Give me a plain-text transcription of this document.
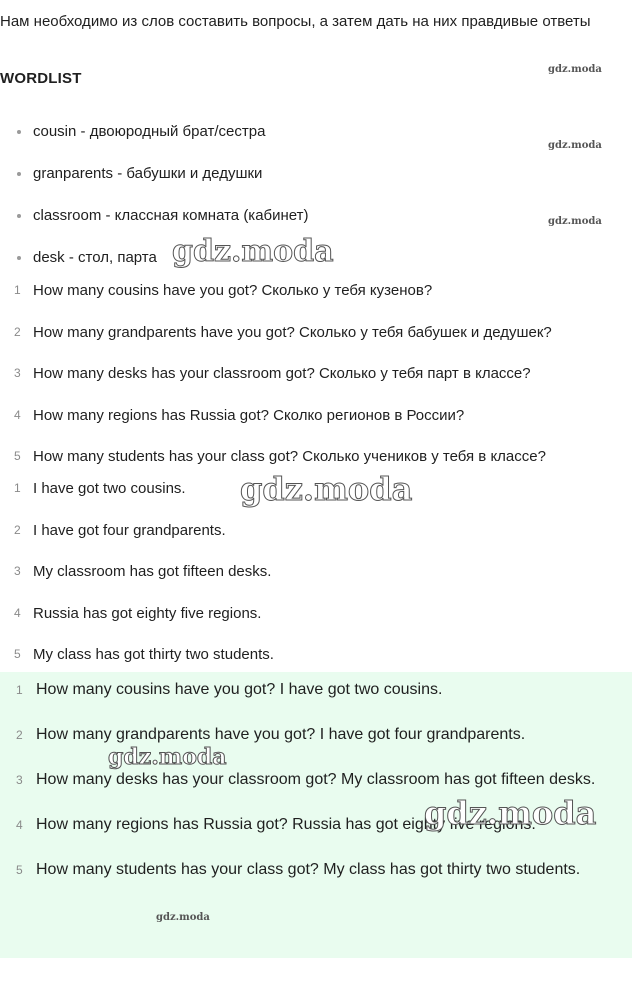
Нам необходимо из слов составить вопросы, а затем дать на них правдивые ответы

WORDLIST

cousin - двоюродный брат/сестра
granparents - бабушки и дедушки
classroom - классная комната (кабинет)
desk - стол, парта
1 How many cousins have you got? Сколько у тебя кузенов?
2 How many grandparents have you got? Сколько у тебя бабушек и дедушек?
3 How many desks has your classroom got? Сколько у тебя парт в классе?
4 How many regions has Russia got? Сколко регионов в России?
5 How many students has your class got? Сколько учеников у тебя в классе?
1 I have got two cousins.
2 I have got four grandparents.
3 My classroom has got fifteen desks.
4 Russia has got eighty five regions.
5 My class has got thirty two students.
1 How many cousins have you got? I have got two cousins.
2 How many grandparents have you got? I have got four grandparents.
3 How many desks has your classroom got? My classroom has got fifteen desks.
4 How many regions has Russia got? Russia has got eighty five regions.
5 How many students has your class got? My class has got thirty two students.
gdz.moda
gdz.moda
gdz.moda
gdz.moda
gdz.moda
gdz.moda
gdz.moda
gdz.moda
